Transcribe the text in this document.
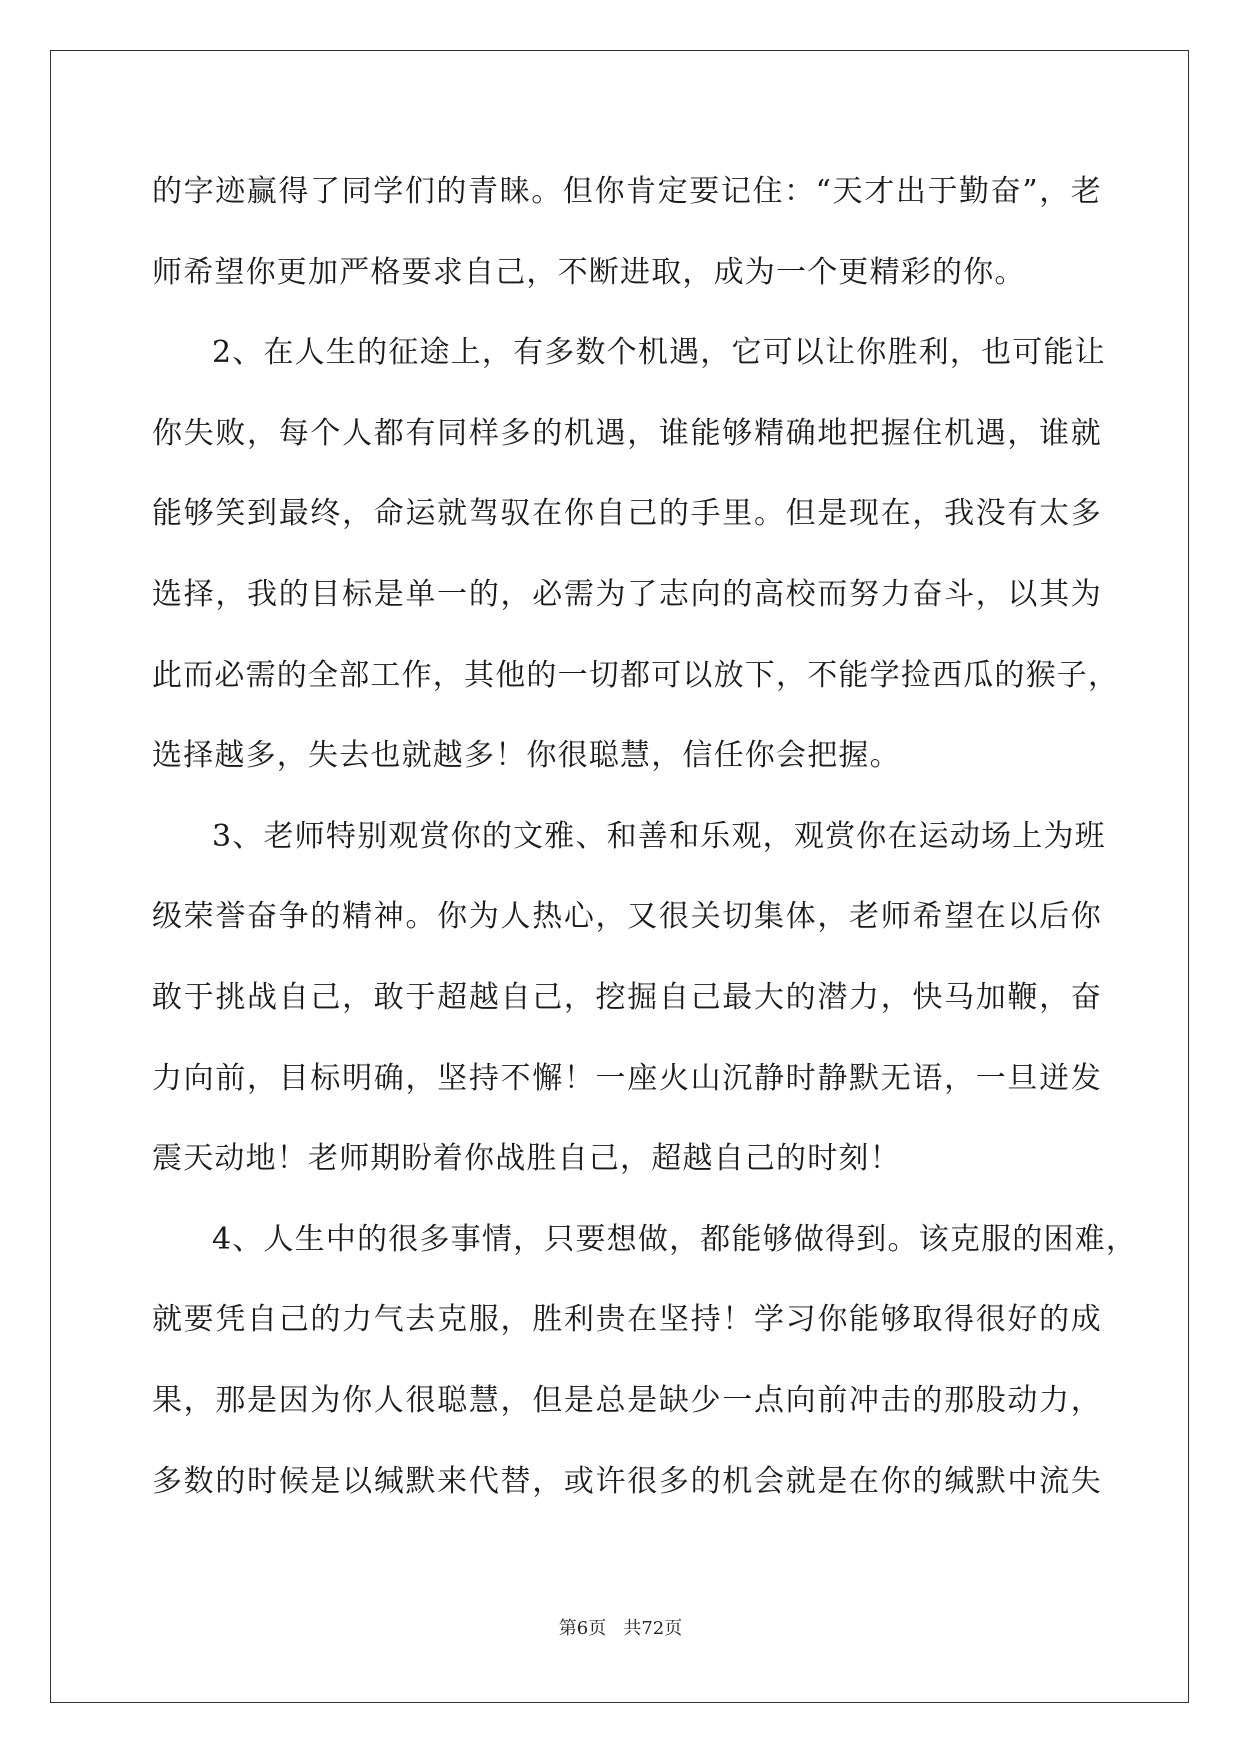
的字迹赢得了同学们的青睐。但你肯定要记住：“天才出于勤奋”，老
师希望你更加严格要求自己，不断进取，成为一个更精彩的你。
2、在人生的征途上，有多数个机遇，它可以让你胜利，也可能让
你失败，每个人都有同样多的机遇，谁能够精确地把握住机遇，谁就
能够笑到最终，命运就驾驭在你自己的手里。但是现在，我没有太多
选择，我的目标是单一的，必需为了志向的高校而努力奋斗，以其为
此而必需的全部工作，其他的一切都可以放下，不能学捡西瓜的猴子，
选择越多，失去也就越多！你很聪慧，信任你会把握。
3、老师特别观赏你的文雅、和善和乐观，观赏你在运动场上为班
级荣誉奋争的精神。你为人热心，又很关切集体，老师希望在以后你
敢于挑战自己，敢于超越自己，挖掘自己最大的潜力，快马加鞭，奋
力向前，目标明确，坚持不懈！一座火山沉静时静默无语，一旦迸发
震天动地！老师期盼着你战胜自己，超越自己的时刻！
4、人生中的很多事情，只要想做，都能够做得到。该克服的困难，
就要凭自己的力气去克服，胜利贵在坚持！学习你能够取得很好的成
果，那是因为你人很聪慧，但是总是缺少一点向前冲击的那股动力，
多数的时候是以缄默来代替，或许很多的机会就是在你的缄默中流失
第6页 共72页
